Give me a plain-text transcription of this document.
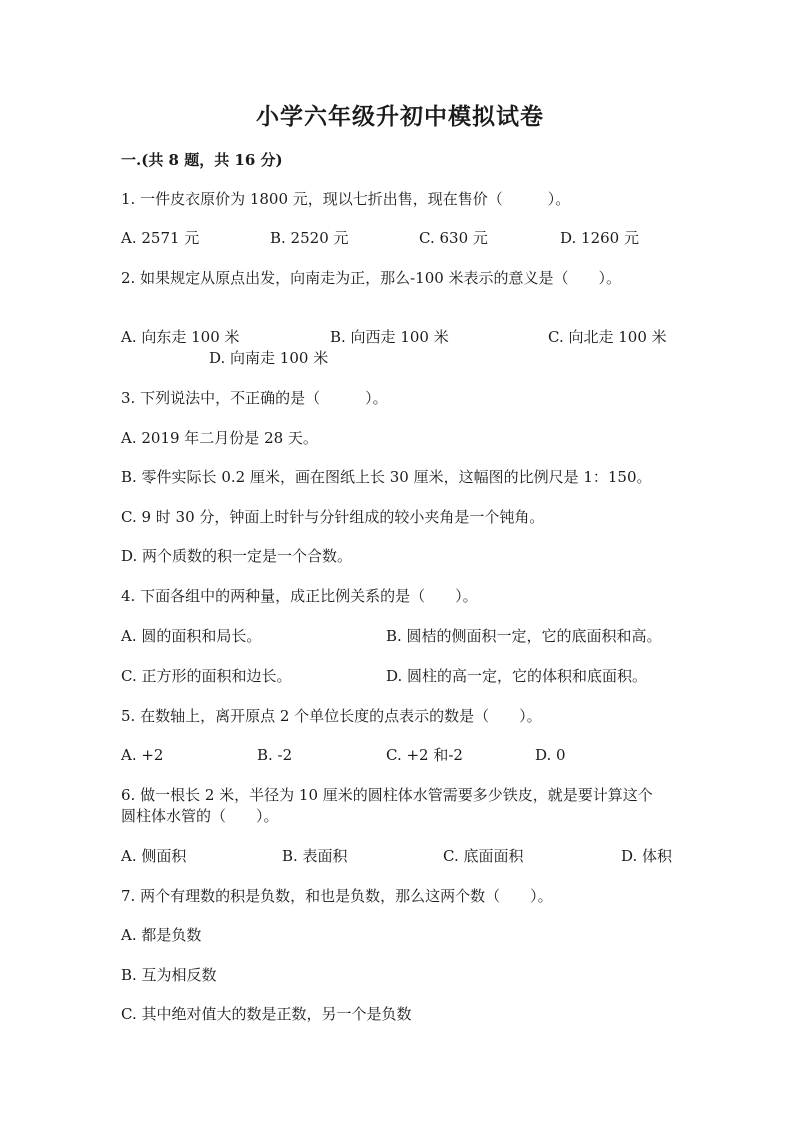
小学六年级升初中模拟试卷
一.(共 8 题，共 16 分)
1. 一件皮衣原价为 1800 元，现以七折出售，现在售价（　　　）。
A. 2571 元	B. 2520 元	C. 630 元	D. 1260 元
2. 如果规定从原点出发，向南走为正，那么-100 米表示的意义是（　　）。
A. 向东走 100 米	B. 向西走 100 米	C. 向北走 100 米
D. 向南走 100 米
3. 下列说法中，不正确的是（　　　）。
A. 2019 年二月份是 28 天。
B. 零件实际长 0.2 厘米，画在图纸上长 30 厘米，这幅图的比例尺是 1：150。
C. 9 时 30 分，钟面上时针与分针组成的较小夹角是一个钝角。
D. 两个质数的积一定是一个合数。
4. 下面各组中的两种量，成正比例关系的是（　　）。
A. 圆的面积和局长。	B. 圆桔的侧面积一定，它的底面积和高。
C. 正方形的面积和边长。	D. 圆柱的高一定，它的体积和底面积。
5. 在数轴上，离开原点 2 个单位长度的点表示的数是（　　）。
A. +2	B. -2	C. +2 和-2	D. 0
6. 做一根长 2 米，半径为 10 厘米的圆柱体水管需要多少铁皮，就是要计算这个
圆柱体水管的（　　）。
A. 侧面积	B. 表面积	C. 底面面积	D. 体积
7. 两个有理数的积是负数，和也是负数，那么这两个数（　　）。
A. 都是负数
B. 互为相反数
C. 其中绝对值大的数是正数，另一个是负数
